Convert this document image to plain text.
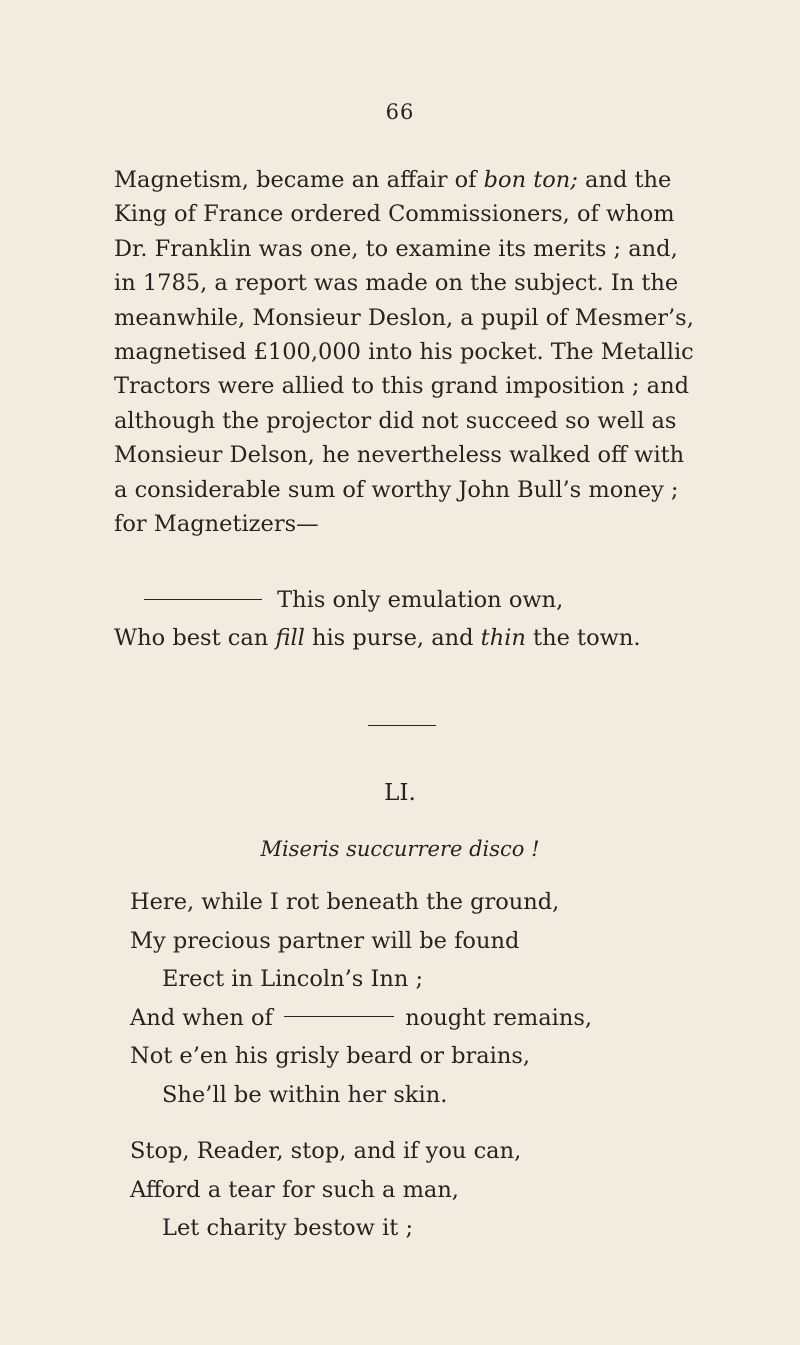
66
Magnetism, became an affair of bon ton; and the
King of France ordered Commissioners, of whom
Dr. Franklin was one, to examine its merits ; and,
in 1785, a report was made on the subject. In the
meanwhile, Monsieur Deslon, a pupil of Mesmer’s,
magnetised £100,000 into his pocket. The Metallic
Tractors were allied to this grand imposition ; and
although the projector did not succeed so well as
Monsieur Delson, he nevertheless walked off with
a considerable sum of worthy John Bull’s money ;
for Magnetizers—
This only emulation own,
Who best can fill his purse, and thin the town.
LI.
Miseris succurrere disco !
Here, while I rot beneath the ground,
My precious partner will be found
Erect in Lincoln’s Inn ;
And when of	nought remains,
Not e’en his grisly beard or brains,
She’ll be within her skin.
Stop, Reader, stop, and if you can,
Afford a tear for such a man,
Let charity bestow it ;
